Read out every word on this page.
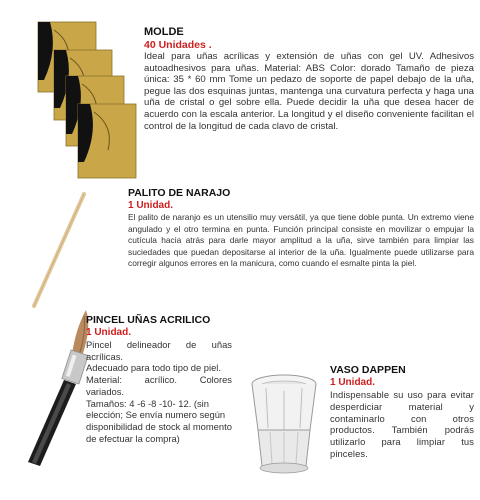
MOLDE
40 Unidades .
Ideal para uñas acrílicas y extensión de uñas con gel UV. Adhesivos autoadhesivos para uñas. Material: ABS Color: dorado Tamaño de pieza única: 35 * 60 mm Tome un pedazo de soporte de papel debajo de la uña, pegue las dos esquinas juntas, mantenga una curvatura perfecta y haga una uña de cristal o gel sobre ella. Puede decidir la uña que desea hacer de acuerdo con la escala anterior. La longitud y el diseño conveniente facilitan el control de la longitud de cada clavo de cristal.
PALITO DE NARAJO
1 Unidad.
El palito de naranjo es un utensilio muy versátil, ya que tiene doble punta. Un extremo viene angulado y el otro termina en punta. Función principal consiste en movilizar o empujar la cutícula hacia atrás para darle mayor amplitud a la uña, sirve también para limpiar las suciedades que puedan depositarse al interior de la uña. Igualmente puede utilizarse para corregir algunos errores en la manicura, como cuando el esmalte pinta la piel.
PINCEL UÑAS ACRILICO
1 Unidad.
Pincel delineador de uñas acrílicas.
Adecuado para todo tipo de piel.
Material: acrílico. Colores variados.
Tamaños: 4 -6 -8 -10- 12. (sin elección; Se envía numero según disponibilidad de stock al momento de efectuar la compra)
VASO DAPPEN
1 Unidad.
Indispensable su uso para evitar desperdiciar material y contaminarlo con otros productos. También podrás utilizarlo para limpiar tus pinceles.
